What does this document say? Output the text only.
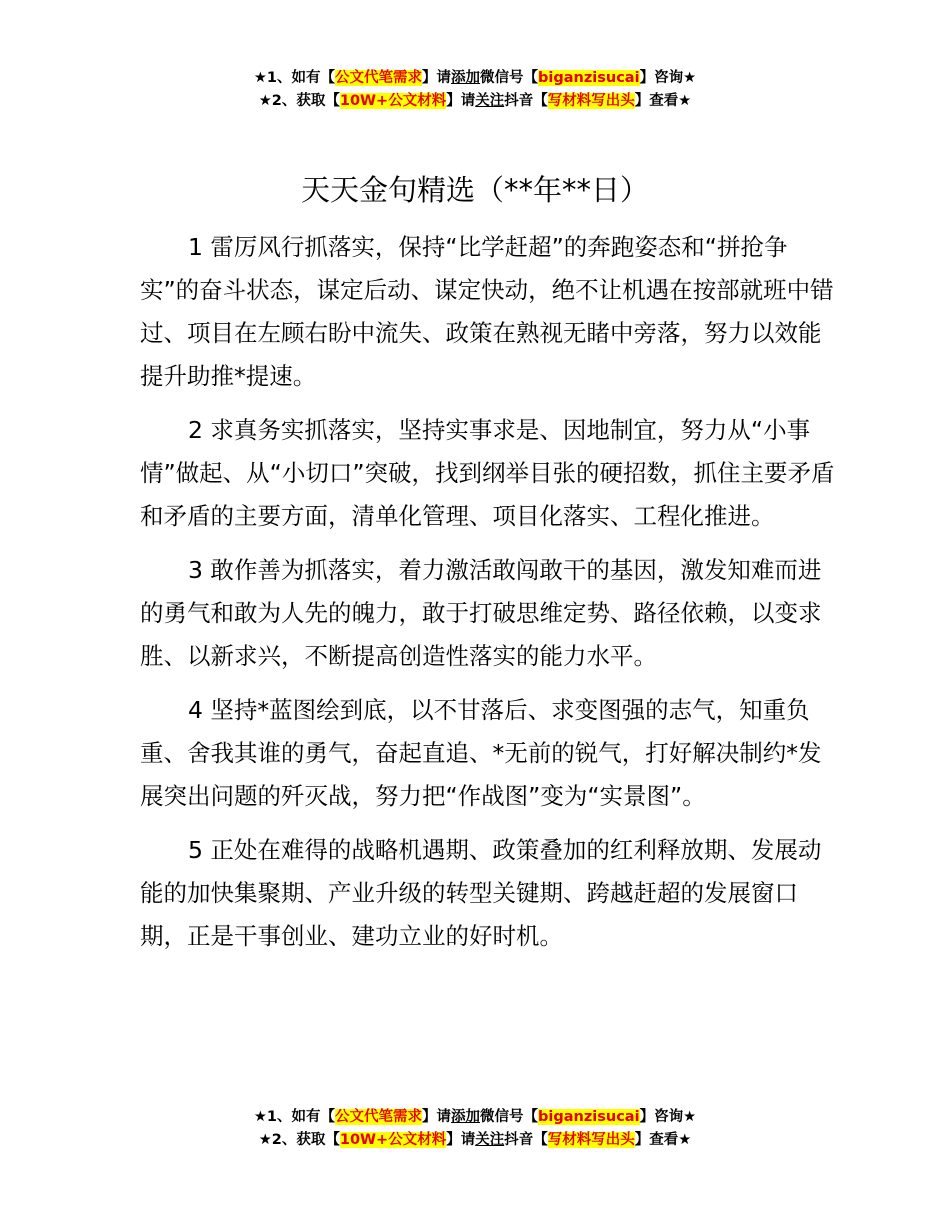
★1、如有【公文代笔需求】请添加微信号【biganzisucai】咨询★
★2、获取【10W+公文材料】请关注抖音【写材料写出头】查看★
天天金句精选（**年**日）

1 雷厉风行抓落实，保持“比学赶超”的奔跑姿态和“拼抢争实”的奋斗状态，谋定后动、谋定快动，绝不让机遇在按部就班中错过、项目在左顾右盼中流失、政策在熟视无睹中旁落，努力以效能提升助推*提速。

2 求真务实抓落实，坚持实事求是、因地制宜，努力从“小事情”做起、从“小切口”突破，找到纲举目张的硬招数，抓住主要矛盾和矛盾的主要方面，清单化管理、项目化落实、工程化推进。

3 敢作善为抓落实，着力激活敢闯敢干的基因，激发知难而进的勇气和敢为人先的魄力，敢于打破思维定势、路径依赖，以变求胜、以新求兴，不断提高创造性落实的能力水平。

4 坚持*蓝图绘到底，以不甘落后、求变图强的志气，知重负重、舍我其谁的勇气，奋起直追、*无前的锐气，打好解决制约*发展突出问题的歼灭战，努力把“作战图”变为“实景图”。

5 正处在难得的战略机遇期、政策叠加的红利释放期、发展动能的加快集聚期、产业升级的转型关键期、跨越赶超的发展窗口期，正是干事创业、建功立业的好时机。

★1、如有【公文代笔需求】请添加微信号【biganzisucai】咨询★
★2、获取【10W+公文材料】请关注抖音【写材料写出头】查看★
